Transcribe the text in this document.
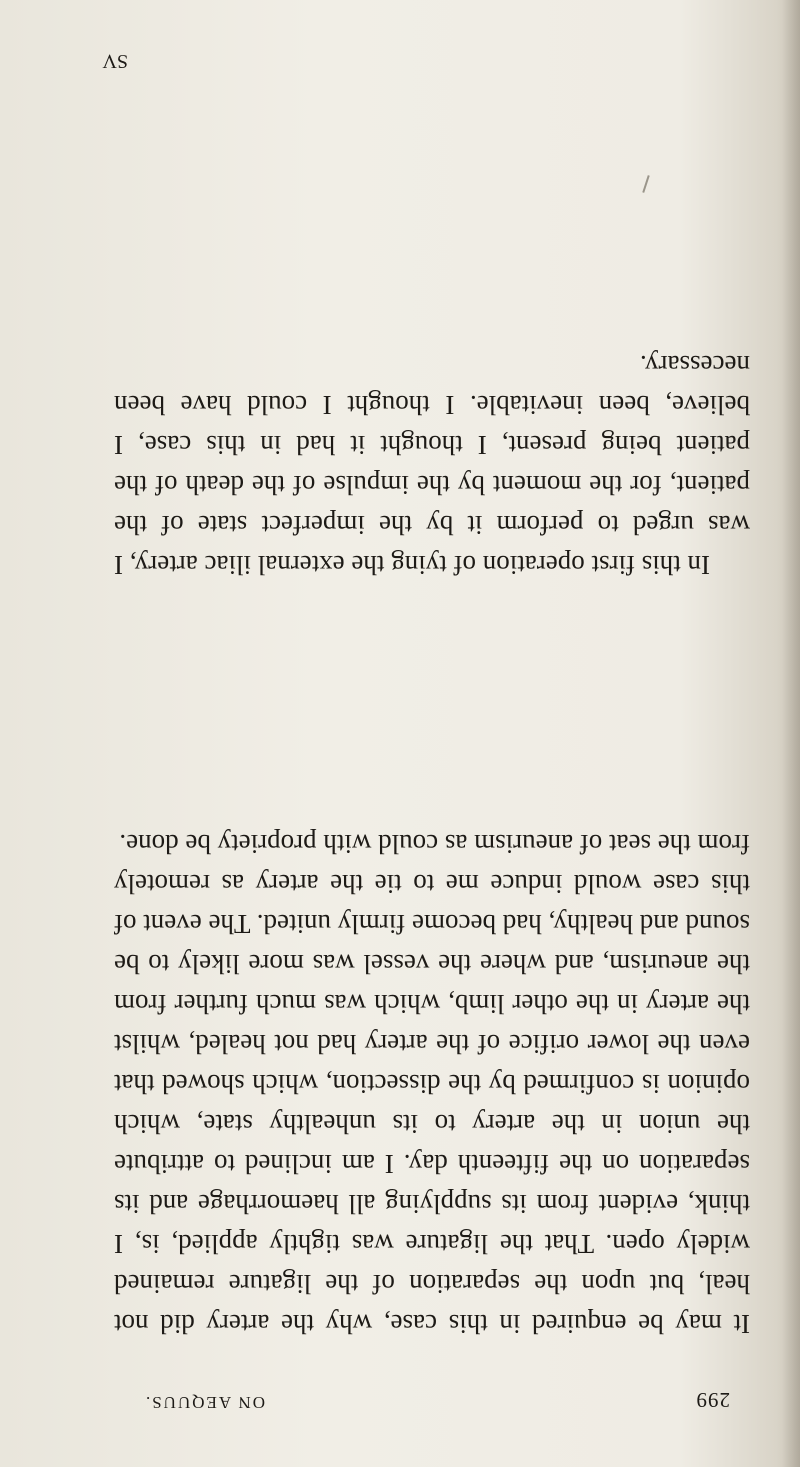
299
ON AEQUUS.

It may be enquired in this case, why the artery did not heal, but upon the separation of the ligature remained widely open. That the ligature was tightly applied, is, I think, evident from its supplying all haemorrhage and its separation on the fifteenth day. I am inclined to attribute the union in the artery to its unhealthy state, which opinion is confirmed by the dissection, which showed that even the lower orifice of the artery had not healed, whilst the artery in the other limb, which was much further from the aneurism, and where the vessel was more likely to be sound and healthy, had become firmly united. The event of this case would induce me to tie the artery as remotely from the seat of aneurism as could with propriety be done.

In this first operation of tying the external iliac artery, I was urged to perform it by the imperfect state of the patient, for the moment by the impulse of the death of the patient being present, I thought it had in this case, I believe, been inevitable. I thought I could have been necessary.

SV
